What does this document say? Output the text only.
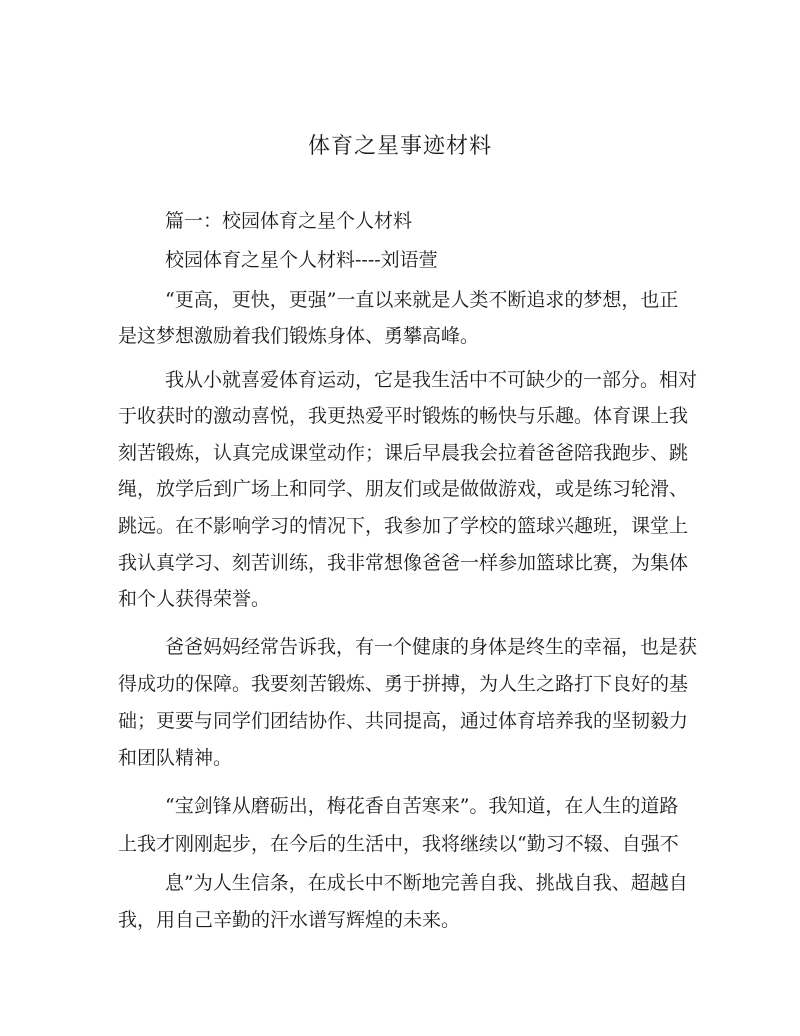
体育之星事迹材料
篇一：校园体育之星个人材料
校园体育之星个人材料----刘语萱
“更高，更快，更强”一直以来就是人类不断追求的梦想，也正
是这梦想激励着我们锻炼身体、勇攀高峰。
我从小就喜爱体育运动，它是我生活中不可缺少的一部分。相对
于收获时的激动喜悦，我更热爱平时锻炼的畅快与乐趣。体育课上我
刻苦锻炼，认真完成课堂动作；课后早晨我会拉着爸爸陪我跑步、跳
绳，放学后到广场上和同学、朋友们或是做做游戏，或是练习轮滑、
跳远。在不影响学习的情况下，我参加了学校的篮球兴趣班，课堂上
我认真学习、刻苦训练，我非常想像爸爸一样参加篮球比赛，为集体
和个人获得荣誉。
爸爸妈妈经常告诉我，有一个健康的身体是终生的幸福，也是获
得成功的保障。我要刻苦锻炼、勇于拼搏，为人生之路打下良好的基
础；更要与同学们团结协作、共同提高，通过体育培养我的坚韧毅力
和团队精神。
“宝剑锋从磨砺出，梅花香自苦寒来”。我知道，在人生的道路
上我才刚刚起步，在今后的生活中，我将继续以“勤习不辍、自强不
息”为人生信条，在成长中不断地完善自我、挑战自我、超越自
我，用自己辛勤的汗水谱写辉煌的未来。
